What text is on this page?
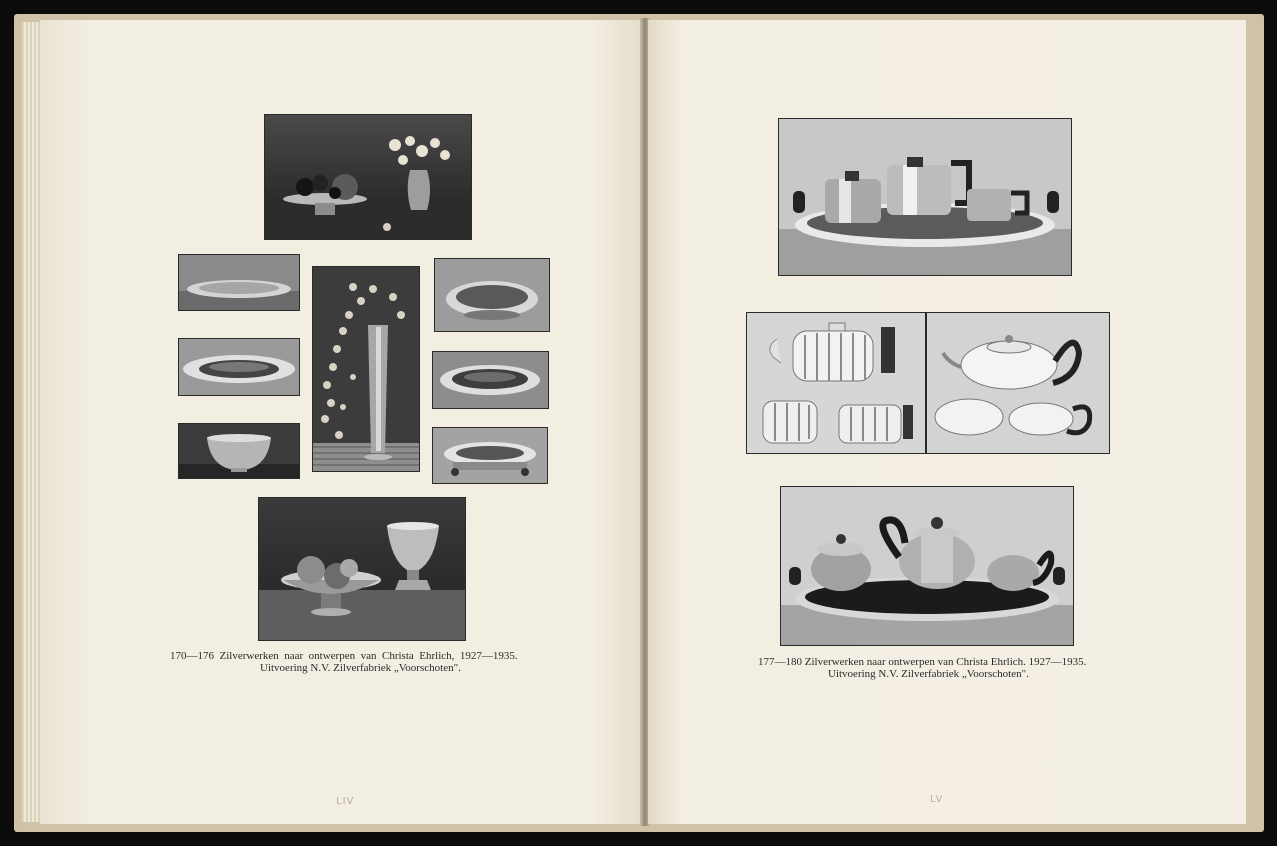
170—176  Zilverwerken  naar  ontwerpen  van  Christa  Ehrlich,  1927—1935.
Uitvoering N.V. Zilverfabriek „Voorschoten".
LIV
177—180 Zilverwerken naar ontwerpen van Christa Ehrlich. 1927—1935.
Uitvoering N.V. Zilverfabriek „Voorschoten".
LV
